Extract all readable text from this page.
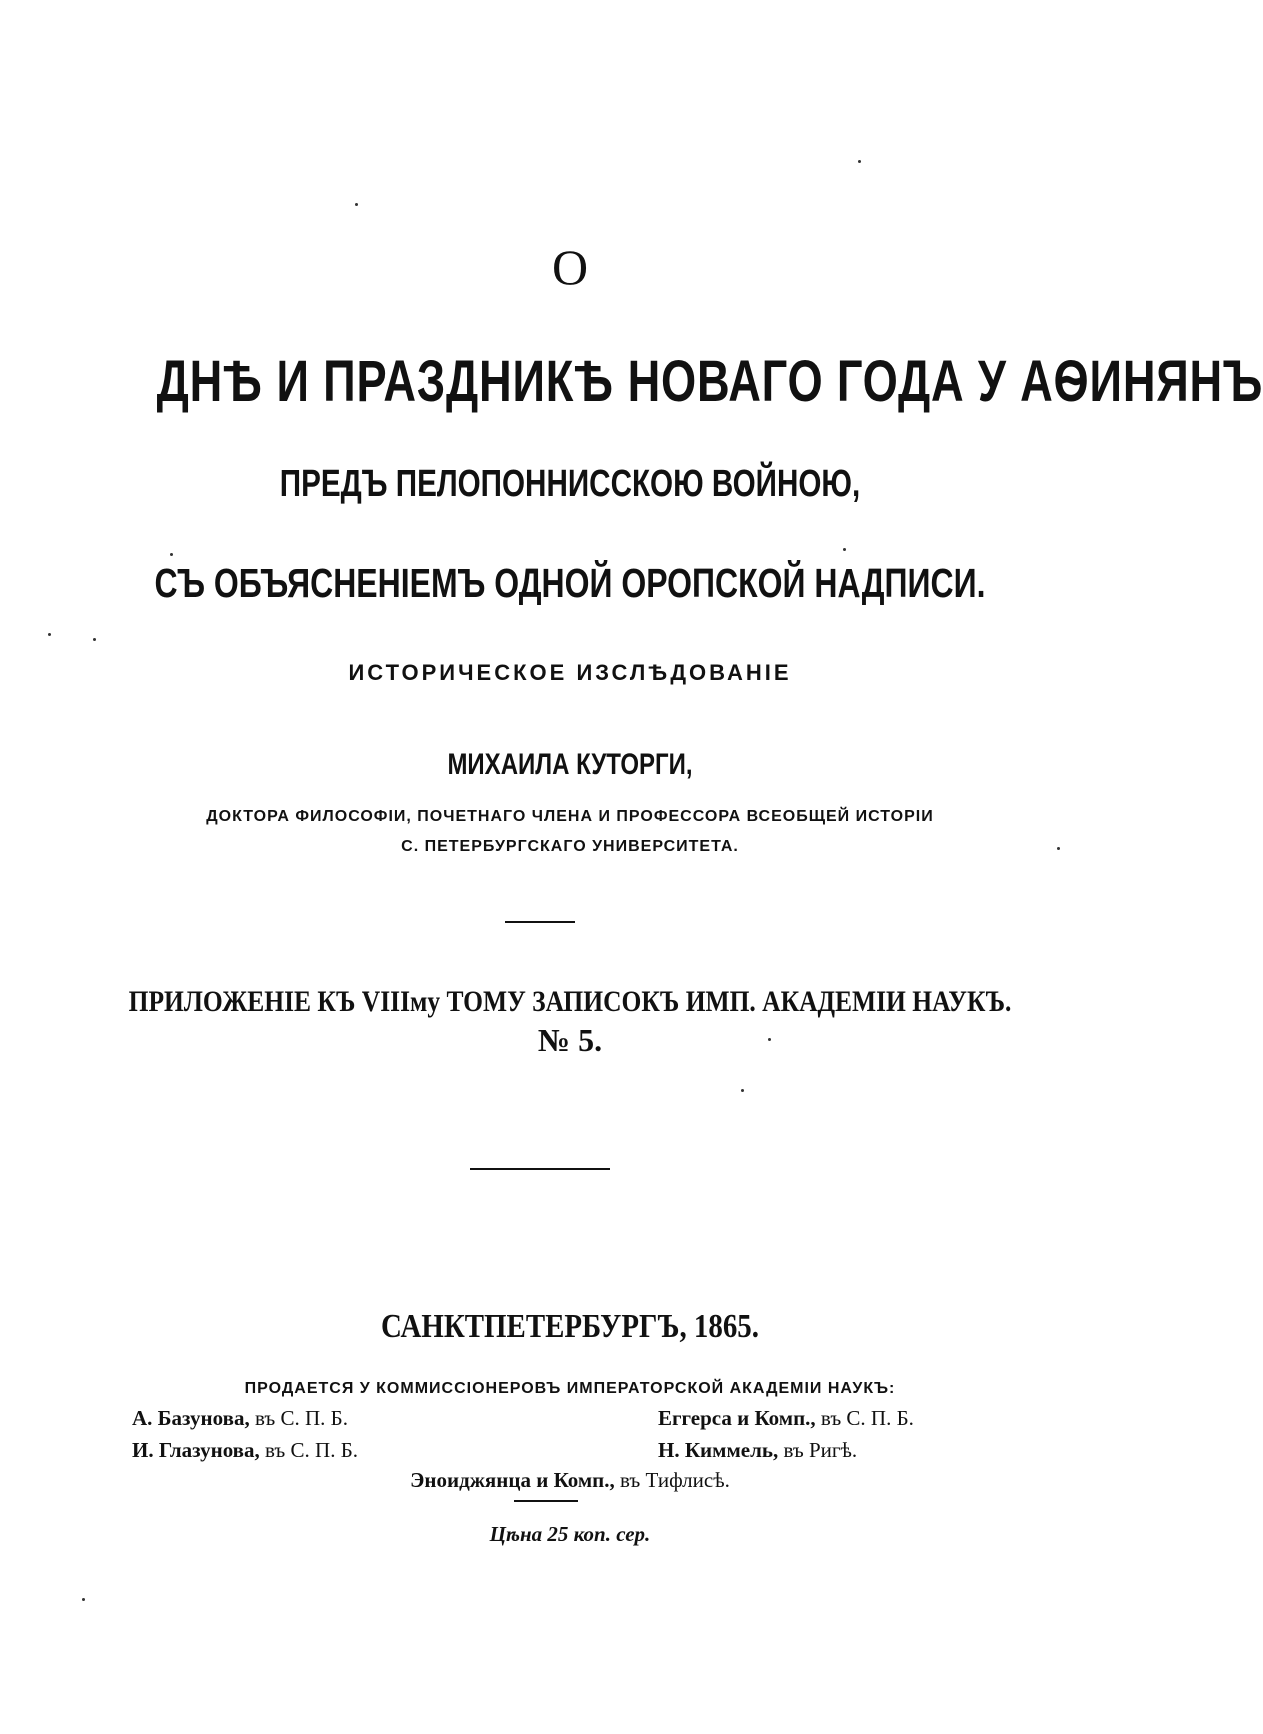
О
ДНѢ И ПРАЗДНИКѢ НОВАГО ГОДА У АѲИНЯНЪ
ПРЕДЪ ПЕЛОПОННИССКОЮ ВОЙНОЮ,
СЪ ОБЪЯСНЕНІЕМЪ ОДНОЙ ОРОПСКОЙ НАДПИСИ.
ИСТОРИЧЕСКОЕ ИЗСЛѢДОВАНІЕ
МИХАИЛА КУТОРГИ,
ДОКТОРА ФИЛОСОФІИ, ПОЧЕТНАГО ЧЛЕНА И ПРОФЕССОРА ВСЕОБЩЕЙ ИСТОРІИ
С. ПЕТЕРБУРГСКАГО УНИВЕРСИТЕТА.
ПРИЛОЖЕНІЕ КЪ VIIIму ТОМУ ЗАПИСОКЪ ИМП. АКАДЕМІИ НАУКЪ.
№ 5.
САНКТПЕТЕРБУРГЪ, 1865.
ПРОДАЕТСЯ У КОММИССІОНЕРОВЪ ИМПЕРАТОРСКОЙ АКАДЕМІИ НАУКЪ:
А. Базунова, въ С. П. Б.	Еггерса и Комп., въ С. П. Б.
И. Глазунова, въ С. П. Б.	Н. Киммель, въ Ригѣ.
Эноиджянца и Комп., въ Тифлисѣ.
Цѣна 25 коп. сер.
